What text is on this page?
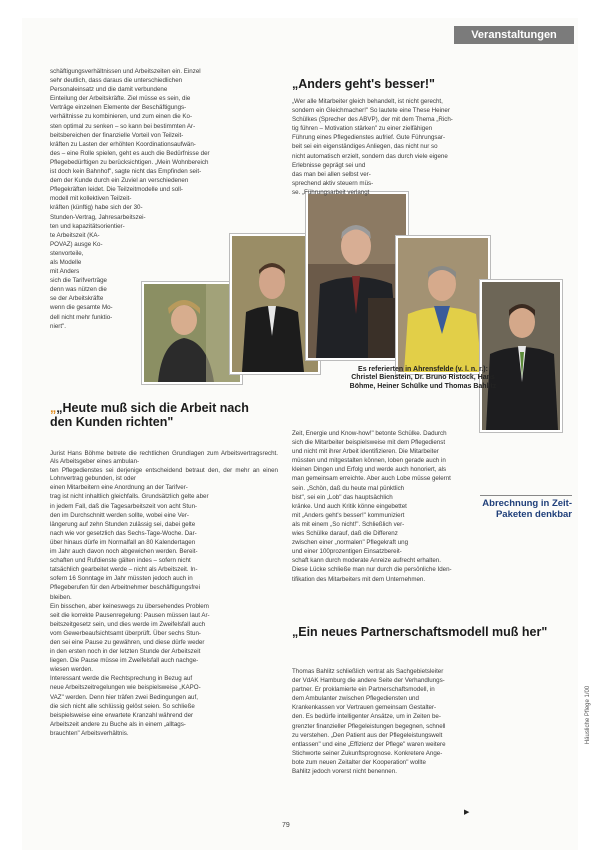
Veranstaltungen

schäftigungsverhältnissen und Arbeitszeiten ein. Einzel

sehr deutlich, dass daraus die unterschiedlichen

Personaleinsatz und die damit verbundene

Einteilung der Arbeitskräfte. Ziel müsse es sein, die

Verträge einzelnen Elemente der Beschäftigungs-

verhältnisse zu kombinieren, und zum einen die Ko-

sten optimal zu senken – so kann bei bestimmten Ar-

beitsbereichen der finanzielle Vorteil von Teilzeit-

kräften zu Lasten der erhöhten Koordinationsaufwän-

des – eine Rolle spielen, geht es auch die Bedürfnisse der

Pflegebedürftigen zu berücksichtigen. „Mein Wohnbereich

ist doch kein Bahnhof", sagte nicht das Empfinden seit-

dem der Kunde durch ein Zuviel an verschiedenen

Pflegekräften leidet. Die Teilzeitmodelle und soll-

modell mit kollektiven Teilzeit-

kräften (künftig) habe sich der 30-

Stunden-Vertrag, Jahresarbeitszei-

ten und kapazitätsorientier-

te Arbeitszeit (KA-

POVAZ) ausge Ko-

stenvorteile,

als Modelle

mit Anders

sich die Tarifverträge

denn was nützen die

se der Arbeitskräfte

wenn die gesamte Mo-

dell nicht mehr funktio-

niert".

Es referierten in Ahrensfelde (v. l. n. r.): Christel Bienstein, Dr. Bruno Ristock, Hans Böhme, Heiner Schülke und Thomas Bahlitz
„„Heute muß sich die Arbeit nach den Kunden richten"

Jurist Hans Böhme betrete die rechtlichen Grundlagen zum Arbeitsvertragsrecht. Als Arbeitsgeber eines ambulan-

ten Pflegedienstes sei derjenige entscheidend betraut den, der mehr an einen Lohnvertrag gebunden, ist oder

einen Mitarbeitern eine Anordnung an der Tarifver-

trag ist nicht inhaltlich gleichfalls. Grundsätzlich gelte aber

in jedem Fall, daß die Tagesarbeitszeit von acht Stun-

den im Durchschnitt werden sollte, wobei eine Ver-

längerung auf zehn Stunden zulässig sei, dabei gelte

nach wie vor gesetzlich das Sechs-Tage-Woche. Dar-

über hinaus dürfe im Normalfall an 80 Kalendertagen

im Jahr auch davon noch abgewichen werden. Bereit-

schaften und Rufdienste gälten indes – sofern nicht

tatsächlich gearbeitet werde – nicht als Arbeitszeit. In-

sofern 16 Sonntage im Jahr müssten jedoch auch in

Pflegeberufen für den Arbeitnehmer beschäftigungsfrei

bleiben.

Ein bisschen, aber keineswegs zu übersehendes Problem

seit die korrekte Pausenregelung: Pausen müssen laut Ar-

beitszeitgesetz sein, und dies werde im Zweifelsfall auch

vom Gewerbeaufsichtsamt überprüft. Über sechs Stun-

den sei eine Pause zu gewähren, und diese dürfe weder

in den ersten noch in der letzten Stunde der Arbeitszeit

liegen. Die Pause müsse im Zweifelsfall auch nachge-

wiesen werden.

Interessant werde die Rechtsprechung in Bezug auf

neue Arbeitszeitregelungen wie beispielsweise „KAPO-

VAZ" werden. Denn hier träfen zwei Bedingungen auf,

die sich nicht alle schlüssig gelöst seien. So schließe

beispielsweise eine erwartete Kranzahl während der

Arbeitszeit andere zu Buche als in einem „alltags-

brauchten" Arbeitsverhältnis.

„Anders geht's besser!"

„Wer alle Mitarbeiter gleich behandelt, ist nicht gerecht,

sondern ein Gleichmacher!" So lautete eine These Heiner

Schülkes (Sprecher des ABVP), der mit dem Thema „Rich-

tig führen – Motivation stärken" zu einer zielfähigen

Führung eines Pflegedienstes aufrief. Gute Führungsar-

beit sei ein eigenständiges Anliegen, das nicht nur so

nicht automatisch erzielt, sondern das durch viele eigene

Erlebnisse geprägt sei und

das man bei allen selbst ver-

sprechend aktiv steuern müs-

se. „Führungsarbeit verlangt

Zeit, Energie und Know-how!" betonte Schülke. Dadurch

sich die Mitarbeiter beispielsweise mit dem Pflegedienst

und nicht mit ihrer Arbeit identifizieren. Die Mitarbeiter

müssten und mitgestalten können, loben gerade auch in

kleinen Dingen und Erfolg und werde auch honoriert, als

man gemeinsam erreichte. Aber auch Lobe müsse gelernt

sein. „Schön, daß du heute mal pünktlich

bist", sei ein „Lob" das hauptsächlich

kränke. Und auch Kritik könne eingebettet

mit „Anders geht's besser!" kommuniziert

als mit einem „So nicht!". Schließlich ver-

wies Schülke darauf, daß die Differenz

zwischen einer „normalen" Pflegekraft ung

und einer 100prozentigen Einsatzbereit-

schaft kann durch moderate Anreize aufrecht erhalten.

Diese Lücke schließe man nur durch die persönliche Iden-

tifikation des Mitarbeiters mit dem Unternehmen.

Abrechnung in Zeit-Paketen denkbar
„Ein neues Partnerschaftsmodell muß her"

Thomas Bahlitz schließlich vertrat als Sachgebietsleiter

der VdAK Hamburg die andere Seite der Verhandlungs-

partner. Er proklamierte ein Partnerschaftsmodell, in

dem Ambulanter zwischen Pflegediensten und

Krankenkassen vor Vertrauen gemeinsam Gestalter-

den. Es bedürfe intelligenter Ansätze, um in Zeiten be-

grenzter finanzieller Pflegeleistungen begegnen, schnell

zu verstehen. „Den Patient aus der Pflegeleistungswelt

entlassen" und eine „Effizienz der Pflege" waren weitere

Stichworte seiner Zukunftsprognose. Konkretere Ange-

bote zum neuen Zeitalter der Kooperation" wollte

Bahlitz jedoch vorerst nicht benennen.

▶
Häusliche Pflege 1/00
79
